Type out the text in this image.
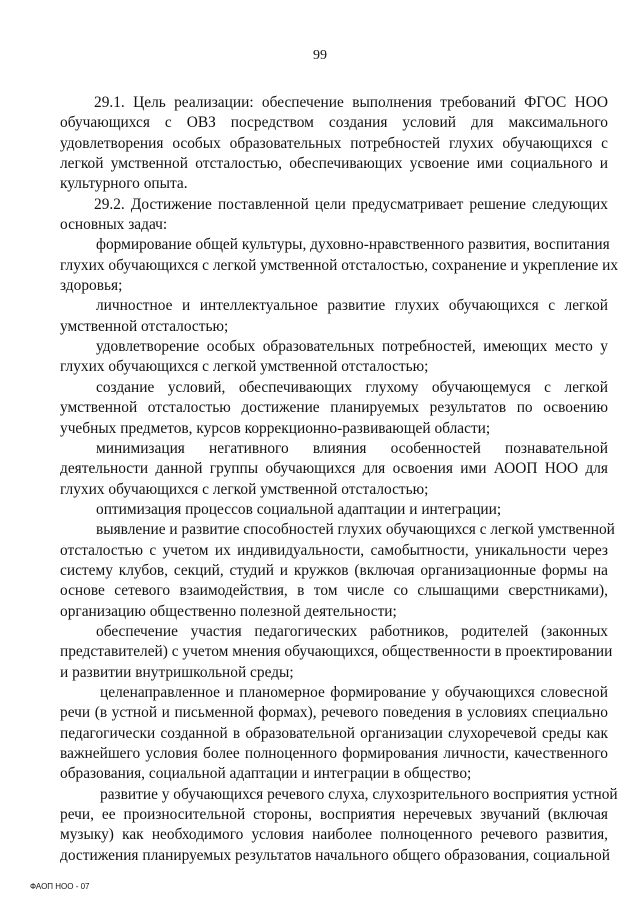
99
29.1. Цель реализации: обеспечение выполнения требований ФГОС НОО
обучающихся с ОВЗ посредством создания условий для максимального
удовлетворения особых образовательных потребностей глухих обучающихся с
легкой умственной отсталостью, обеспечивающих усвоение ими социального и
культурного опыта.
29.2. Достижение поставленной цели предусматривает решение следующих
основных задач:
формирование общей культуры, духовно-нравственного развития, воспитания
глухих обучающихся с легкой умственной отсталостью, сохранение и укрепление их
здоровья;
личностное и интеллектуальное развитие глухих обучающихся с легкой
умственной отсталостью;
удовлетворение особых образовательных потребностей, имеющих место у
глухих обучающихся с легкой умственной отсталостью;
создание условий, обеспечивающих глухому обучающемуся с легкой
умственной отсталостью достижение планируемых результатов по освоению
учебных предметов, курсов коррекционно-развивающей области;
минимизация негативного влияния особенностей познавательной
деятельности данной группы обучающихся для освоения ими АООП НОО для
глухих обучающихся с легкой умственной отсталостью;
оптимизация процессов социальной адаптации и интеграции;
выявление и развитие способностей глухих обучающихся с легкой умственной
отсталостью с учетом их индивидуальности, самобытности, уникальности через
систему клубов, секций, студий и кружков (включая организационные формы на
основе сетевого взаимодействия, в том числе со слышащими сверстниками),
организацию общественно полезной деятельности;
обеспечение участия педагогических работников, родителей (законных
представителей) с учетом мнения обучающихся, общественности в проектировании
и развитии внутришкольной среды;
целенаправленное и планомерное формирование у обучающихся словесной
речи (в устной и письменной формах), речевого поведения в условиях специально
педагогически созданной в образовательной организации слухоречевой среды как
важнейшего условия более полноценного формирования личности, качественного
образования, социальной адаптации и интеграции в общество;
развитие у обучающихся речевого слуха, слухозрительного восприятия устной
речи, ее произносительной стороны, восприятия неречевых звучаний (включая
музыку) как необходимого условия наиболее полноценного речевого развития,
достижения планируемых результатов начального общего образования, социальной
ФАОП НОО - 07
